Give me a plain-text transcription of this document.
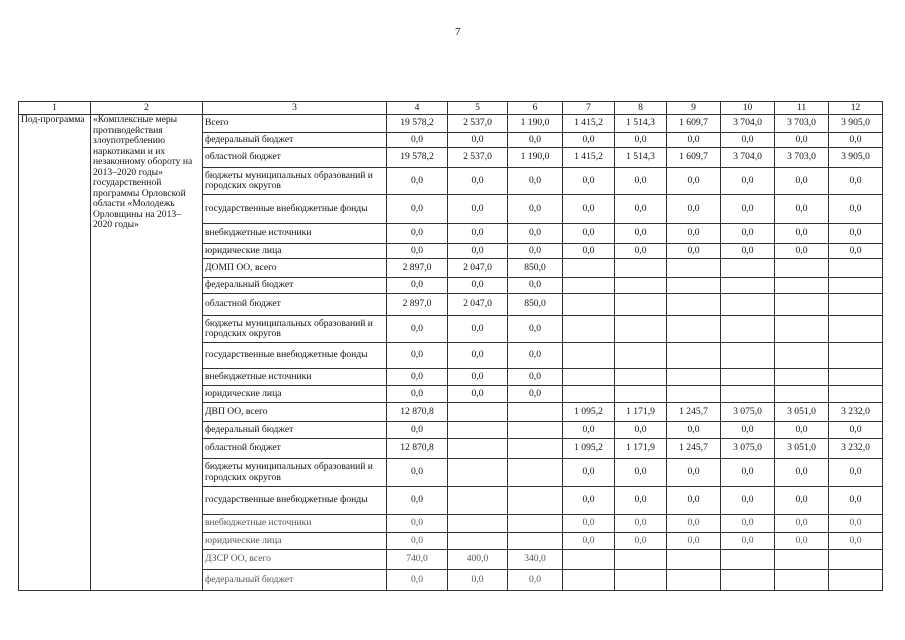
7
1	2	3	4	5	6	7	8	9	10	11	12
Под-программа	«Комплексные меры противодействия злоупотреблению наркотиками и их незаконному обороту на 2013–2020 годы» государственной программы Орловской области «Молодежь Орловщины на 2013–2020 годы»	Всего	19 578,2	2 537,0	1 190,0	1 415,2	1 514,3	1 609,7	3 704,0	3 703,0	3 905,0
		федеральный бюджет	0,0	0,0	0,0	0,0	0,0	0,0	0,0	0,0	0,0
		областной бюджет	19 578,2	2 537,0	1 190,0	1 415,2	1 514,3	1 609,7	3 704,0	3 703,0	3 905,0
		бюджеты муниципальных образований и городских округов	0,0	0,0	0,0	0,0	0,0	0,0	0,0	0,0	0,0
		государственные внебюджетные фонды	0,0	0,0	0,0	0,0	0,0	0,0	0,0	0,0	0,0
		внебюджетные источники	0,0	0,0	0,0	0,0	0,0	0,0	0,0	0,0	0,0
		юридические лица	0,0	0,0	0,0	0,0	0,0	0,0	0,0	0,0	0,0
		ДОМП ОО, всего	2 897,0	2 047,0	850,0						
		федеральный бюджет	0,0	0,0	0,0						
		областной бюджет	2 897,0	2 047,0	850,0						
		бюджеты муниципальных образований и городских округов	0,0	0,0	0,0						
		государственные внебюджетные фонды	0,0	0,0	0,0						
		внебюджетные источники	0,0	0,0	0,0						
		юридические лица	0,0	0,0	0,0						
		ДВП ОО, всего	12 870,8			1 095,2	1 171,9	1 245,7	3 075,0	3 051,0	3 232,0
		федеральный бюджет	0,0			0,0	0,0	0,0	0,0	0,0	0,0
		областной бюджет	12 870,8			1 095,2	1 171,9	1 245,7	3 075,0	3 051,0	3 232,0
		бюджеты муниципальных образований и городских округов	0,0			0,0	0,0	0,0	0,0	0,0	0,0
		государственные внебюджетные фонды	0,0			0,0	0,0	0,0	0,0	0,0	0,0
		внебюджетные источники	0,0			0,0	0,0	0,0	0,0	0,0	0,0
		юридические лица	0,0			0,0	0,0	0,0	0,0	0,0	0,0
		ДЗСР ОО, всего	740,0	400,0	340,0						
		федеральный бюджет	0,0	0,0	0,0						
